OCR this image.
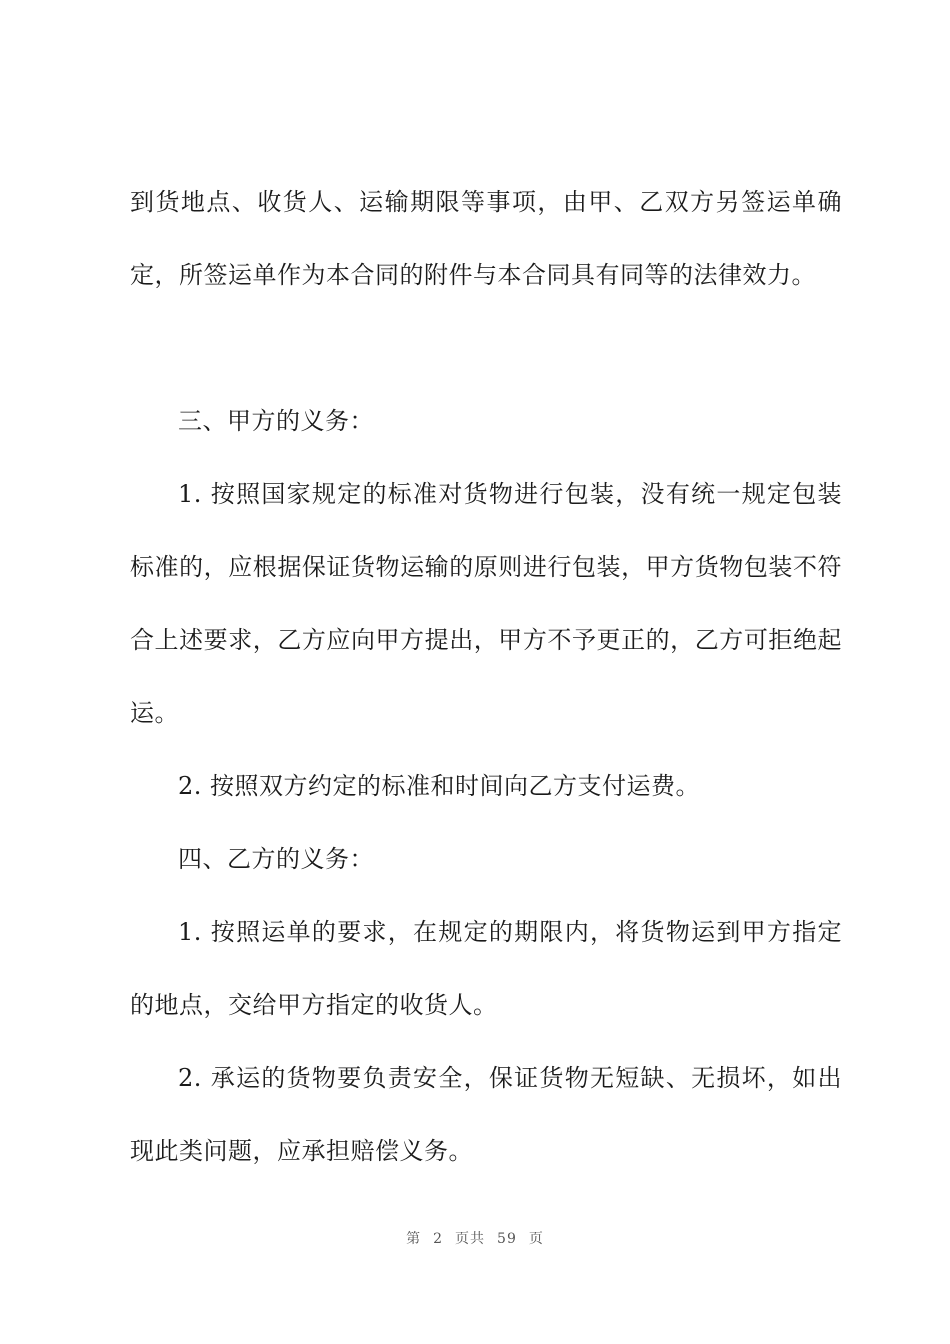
到货地点、收货人、运输期限等事项，由甲、乙双方另签运单确定，所签运单作为本合同的附件与本合同具有同等的法律效力。

三、甲方的义务：

1. 按照国家规定的标准对货物进行包装，没有统一规定包装标准的，应根据保证货物运输的原则进行包装，甲方货物包装不符合上述要求，乙方应向甲方提出，甲方不予更正的，乙方可拒绝起运。

2. 按照双方约定的标准和时间向乙方支付运费。

四、乙方的义务：

1. 按照运单的要求，在规定的期限内，将货物运到甲方指定的地点，交给甲方指定的收货人。

2. 承运的货物要负责安全，保证货物无短缺、无损坏，如出现此类问题，应承担赔偿义务。

第 2 页共 59 页
